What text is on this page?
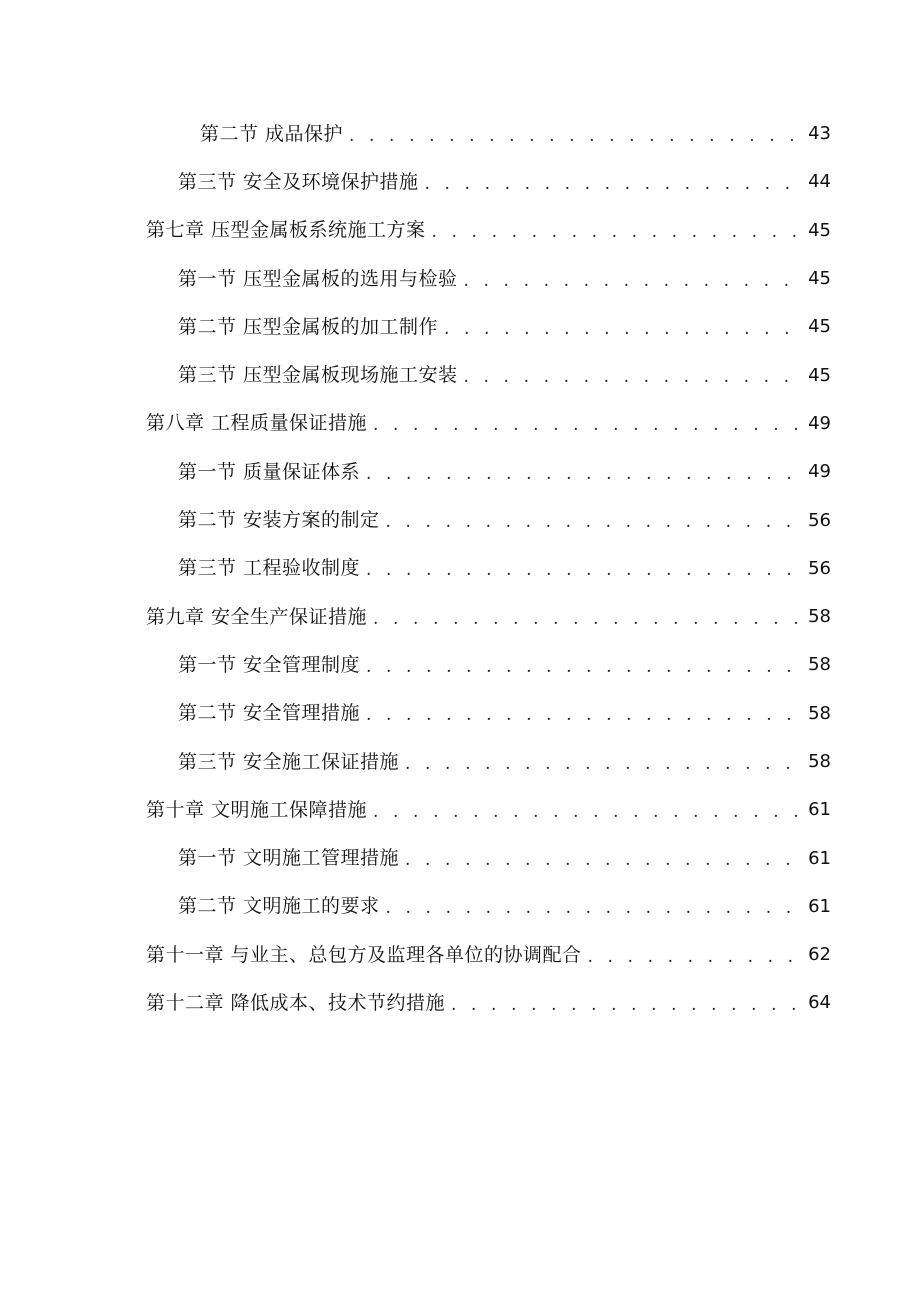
第二节 成品保护 . . .	43
第三节 安全及环境保护措施 . . .	44
第七章 压型金属板系统施工方案 . . .	45
第一节 压型金属板的选用与检验 . . .	45
第二节 压型金属板的加工制作 . . .	45
第三节 压型金属板现场施工安装 . . .	45
第八章 工程质量保证措施 . . .	49
第一节 质量保证体系 . . .	49
第二节 安装方案的制定 . . .	56
第三节 工程验收制度 . . .	56
第九章 安全生产保证措施 . . .	58
第一节 安全管理制度 . . .	58
第二节 安全管理措施 . . .	58
第三节 安全施工保证措施 . . .	58
第十章 文明施工保障措施 . . .	61
第一节 文明施工管理措施 . . .	61
第二节 文明施工的要求 . . .	61
第十一章 与业主、总包方及监理各单位的协调配合 . . .	62
第十二章 降低成本、技术节约措施 . . .	64
